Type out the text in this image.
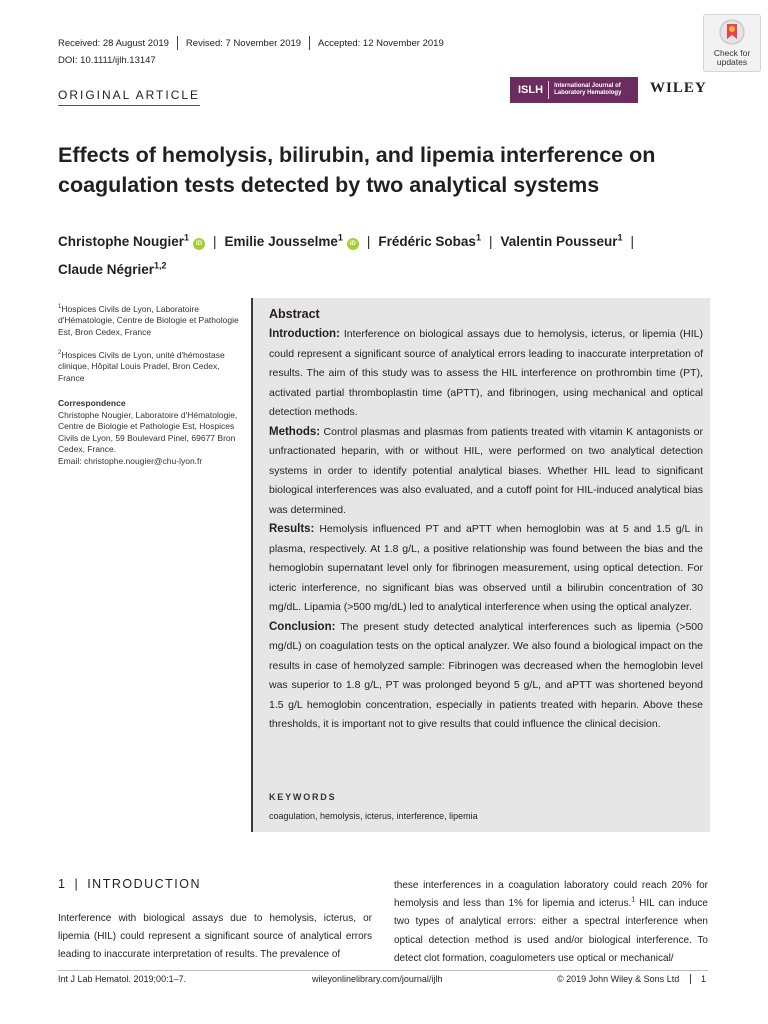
Received: 28 August 2019 Revised: 7 November 2019 Accepted: 12 November 2019
DOI: 10.1111/ijlh.13147
ORIGINAL ARTICLE
Check for
updates
ISLH	International Journal of
Laboratory Hematology WILEY
Effects of hemolysis, bilirubin, and lipemia interference on coagulation tests detected by two analytical systems
Christophe Nougier$^1$iD | Emilie Jousselme$^1$iD | Frédéric Sobas$^1$ | Valentin Pousseur$^1$ |
Claude Négrier$^{1,2}$
$^1$Hospices Civils de Lyon, Laboratoire d'Hématologie, Centre de Biologie et Pathologie Est, Bron Cedex, France
$^2$Hospices Civils de Lyon, unité d'hémostase clinique, Hôpital Louis Pradel, Bron Cedex, France
Correspondence
Christophe Nougier, Laboratoire d'Hématologie, Centre de Biologie et Pathologie Est, Hospices Civils de Lyon, 59 Boulevard Pinel, 69677 Bron Cedex, France.
Email: christophe.nougier@chu-lyon.fr
Abstract

Introduction: Interference on biological assays due to hemolysis, icterus, or lipemia (HIL) could represent a significant source of analytical errors leading to inaccurate interpretation of results. The aim of this study was to assess the HIL interference on prothrombin time (PT), activated partial thromboplastin time (aPTT), and fibrinogen, using mechanical and optical detection methods.

Methods: Control plasmas and plasmas from patients treated with vitamin K antagonists or unfractionated heparin, with or without HIL, were performed on two analytical detection systems in order to identify potential analytical biases. Whether HIL lead to significant biological interferences was also evaluated, and a cutoff point for HIL-induced analytical bias was determined.

Results: Hemolysis influenced PT and aPTT when hemoglobin was at 5 and 1.5 g/L in plasma, respectively. At 1.8 g/L, a positive relationship was found between the bias and the hemoglobin supernatant level only for fibrinogen measurement, using optical detection. For icteric interference, no significant bias was observed until a bilirubin concentration of 30 mg/dL. Lipamia (>500 mg/dL) led to analytical interference when using the optical analyzer.

Conclusion: The present study detected analytical interferences such as lipemia (>500 mg/dL) on coagulation tests on the optical analyzer. We also found a biological impact on the results in case of hemolyzed sample: Fibrinogen was decreased when the hemoglobin level was superior to 1.8 g/L, PT was prolonged beyond 5 g/L, and aPTT was shortened beyond 1.5 g/L hemoglobin concentration, especially in patients treated with heparin. Above these thresholds, it is important not to give results that could influence the clinical decision.

KEYWORDS
coagulation, hemolysis, icterus, interference, lipemia
1 | INTRODUCTION
Interference with biological assays due to hemolysis, icterus, or lipemia (HIL) could represent a significant source of analytical errors leading to inaccurate interpretation of results. The prevalence of
these interferences in a coagulation laboratory could reach 20% for hemolysis and less than 1% for lipemia and icterus.$^1$ HIL can induce two types of analytical errors: either a spectral interference when optical detection method is used and/or biological interference. To detect clot formation, coagulometers use optical or mechanical/
Int J Lab Hematol. 2019;00:1–7.	wileyonlinelibrary.com/journal/ijlh	© 2019 John Wiley & Sons Ltd	1
